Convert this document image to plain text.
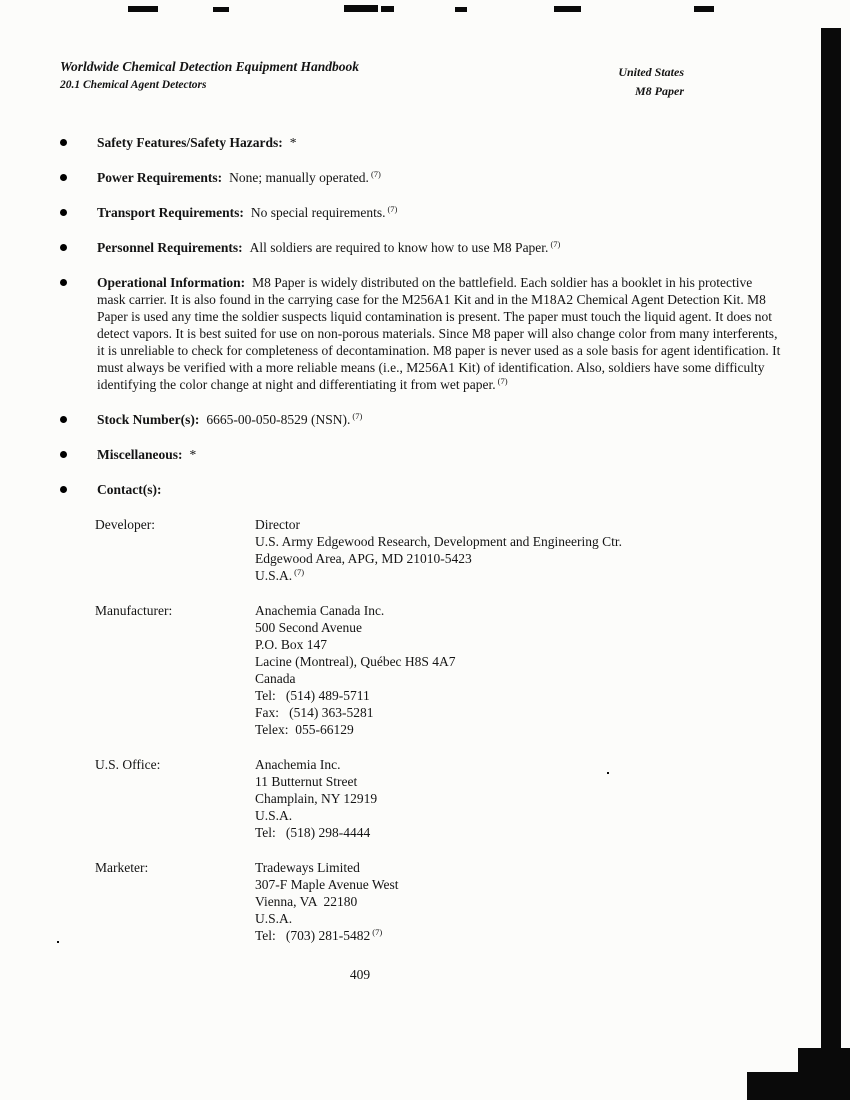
Worldwide Chemical Detection Equipment Handbook
20.1 Chemical Agent Detectors
United States
M8 Paper
Safety Features/Safety Hazards: *
Power Requirements: None; manually operated. $^{(7)}$
Transport Requirements: No special requirements. $^{(7)}$
Personnel Requirements: All soldiers are required to know how to use M8 Paper. $^{(7)}$
Operational Information: M8 Paper is widely distributed on the battlefield. Each soldier has a booklet in his protective mask carrier. It is also found in the carrying case for the M256A1 Kit and in the M18A2 Chemical Agent Detection Kit. M8 Paper is used any time the soldier suspects liquid contamination is present. The paper must touch the liquid agent. It does not detect vapors. It is best suited for use on non-porous materials. Since M8 paper will also change color from many interferents, it is unreliable to check for completeness of decontamination. M8 paper is never used as a sole basis for agent identification. It must always be verified with a more reliable means (i.e., M256A1 Kit) of identification. Also, soldiers have some difficulty identifying the color change at night and differentiating it from wet paper. $^{(7)}$
Stock Number(s): 6665-00-050-8529 (NSN). $^{(7)}$
Miscellaneous: *
Contact(s):
Developer:	Director
U.S. Army Edgewood Research, Development and Engineering Ctr.
Edgewood Area, APG, MD 21010-5423
U.S.A. $^{(7)}$
Manufacturer:	Anachemia Canada Inc.
500 Second Avenue
P.O. Box 147
Lacine (Montreal), Québec H8S 4A7
Canada
Tel:   (514) 489-5711
Fax:   (514) 363-5281
Telex:  055-66129
U.S. Office:	Anachemia Inc.
11 Butternut Street
Champlain, NY 12919
U.S.A.
Tel:   (518) 298-4444
Marketer:	Tradeways Limited
307-F Maple Avenue West
Vienna, VA  22180
U.S.A.
Tel:   (703) 281-5482 $^{(7)}$
409
